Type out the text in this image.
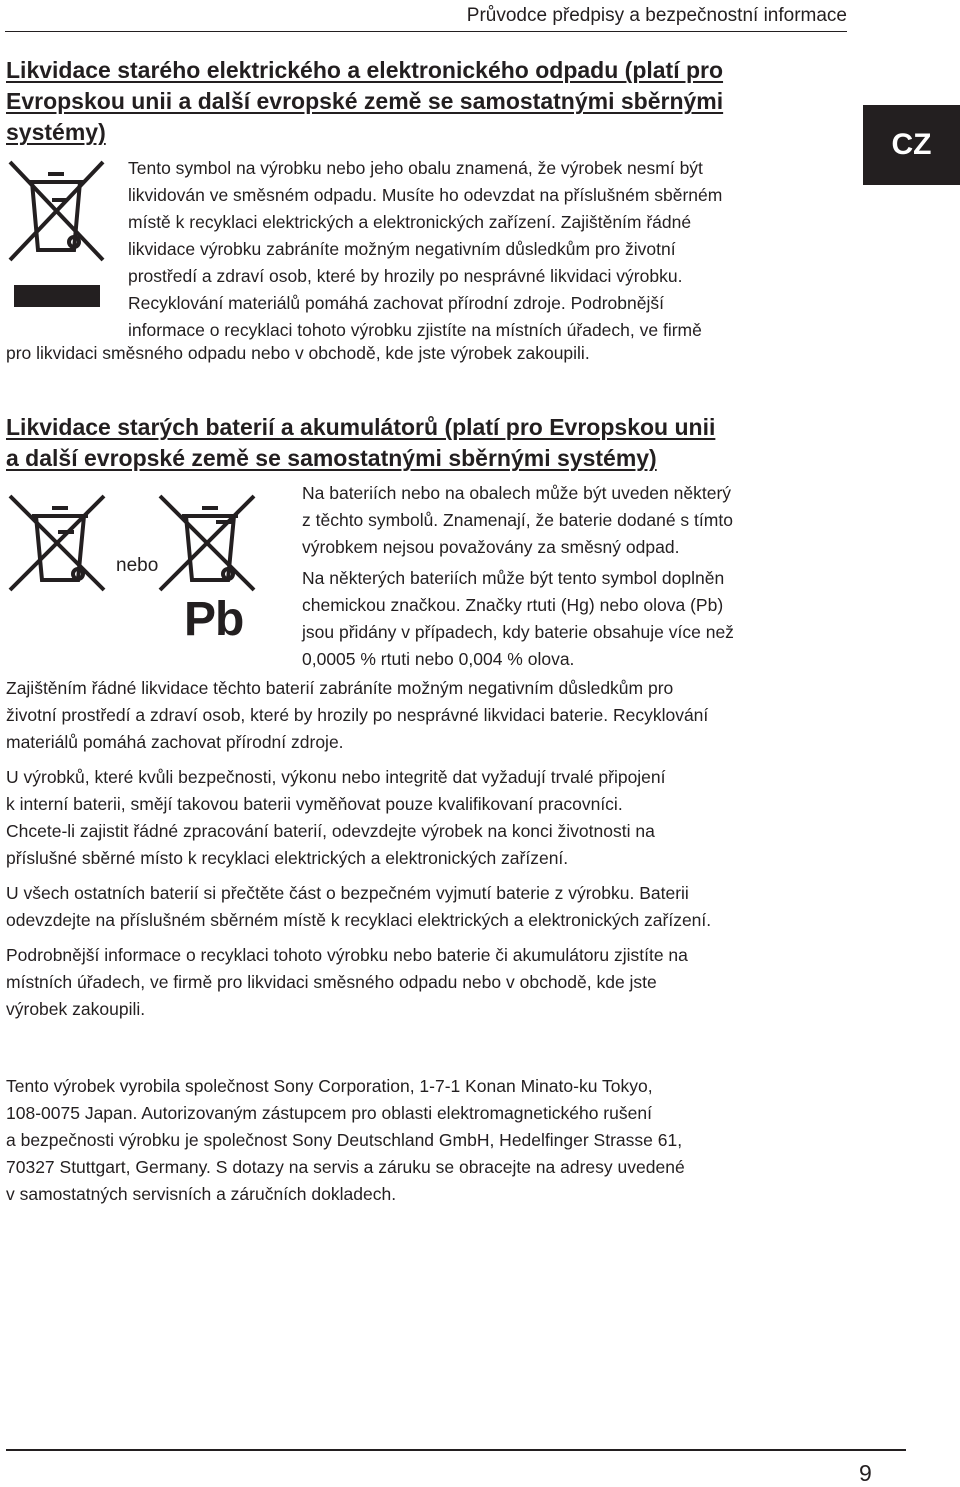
Průvodce předpisy a bezpečnostní informace
CZ
Likvidace starého elektrického a elektronického odpadu (platí pro
Evropskou unii a další evropské země se samostatnými sběrnými
systémy)

Tento symbol na výrobku nebo jeho obalu znamená, že výrobek nesmí být

likvidován ve směsném odpadu. Musíte ho odevzdat na příslušném sběrném

místě k recyklaci elektrických a elektronických zařízení. Zajištěním řádné

likvidace výrobku zabráníte možným negativním důsledkům pro životní

prostředí a zdraví osob, které by hrozily po nesprávné likvidaci výrobku.

Recyklování materiálů pomáhá zachovat přírodní zdroje. Podrobnější

informace o recyklaci tohoto výrobku zjistíte na místních úřadech, ve firmě

pro likvidaci směsného odpadu nebo v obchodě, kde jste výrobek zakoupili.

Likvidace starých baterií a akumulátorů (platí pro Evropskou unii
a další evropské země se samostatnými sběrnými systémy)
nebo
Pb

Na bateriích nebo na obalech může být uveden některý

z těchto symbolů. Znamenají, že baterie dodané s tímto

výrobkem nejsou považovány za směsný odpad.

Na některých bateriích může být tento symbol doplněn

chemickou značkou. Značky rtuti (Hg) nebo olova (Pb)

jsou přidány v případech, kdy baterie obsahuje více než

0,0005 % rtuti nebo 0,004 % olova.

Zajištěním řádné likvidace těchto baterií zabráníte možným negativním důsledkům pro
životní prostředí a zdraví osob, které by hrozily po nesprávné likvidaci baterie. Recyklování
materiálů pomáhá zachovat přírodní zdroje.

U výrobků, které kvůli bezpečnosti, výkonu nebo integritě dat vyžadují trvalé připojení
k interní baterii, smějí takovou baterii vyměňovat pouze kvalifikovaní pracovníci.
Chcete-li zajistit řádné zpracování baterií, odevzdejte výrobek na konci životnosti na
příslušné sběrné místo k recyklaci elektrických a elektronických zařízení.

U všech ostatních baterií si přečtěte část o bezpečném vyjmutí baterie z výrobku. Baterii
odevzdejte na příslušném sběrném místě k recyklaci elektrických a elektronických zařízení.

Podrobnější informace o recyklaci tohoto výrobku nebo baterie či akumulátoru zjistíte na
místních úřadech, ve firmě pro likvidaci směsného odpadu nebo v obchodě, kde jste
výrobek zakoupili.

Tento výrobek vyrobila společnost Sony Corporation, 1-7-1 Konan Minato-ku Tokyo,
108-0075 Japan. Autorizovaným zástupcem pro oblasti elektromagnetického rušení
a bezpečnosti výrobku je společnost Sony Deutschland GmbH, Hedelfinger Strasse 61,
70327 Stuttgart, Germany. S dotazy na servis a záruku se obracejte na adresy uvedené
v samostatných servisních a záručních dokladech.

9
